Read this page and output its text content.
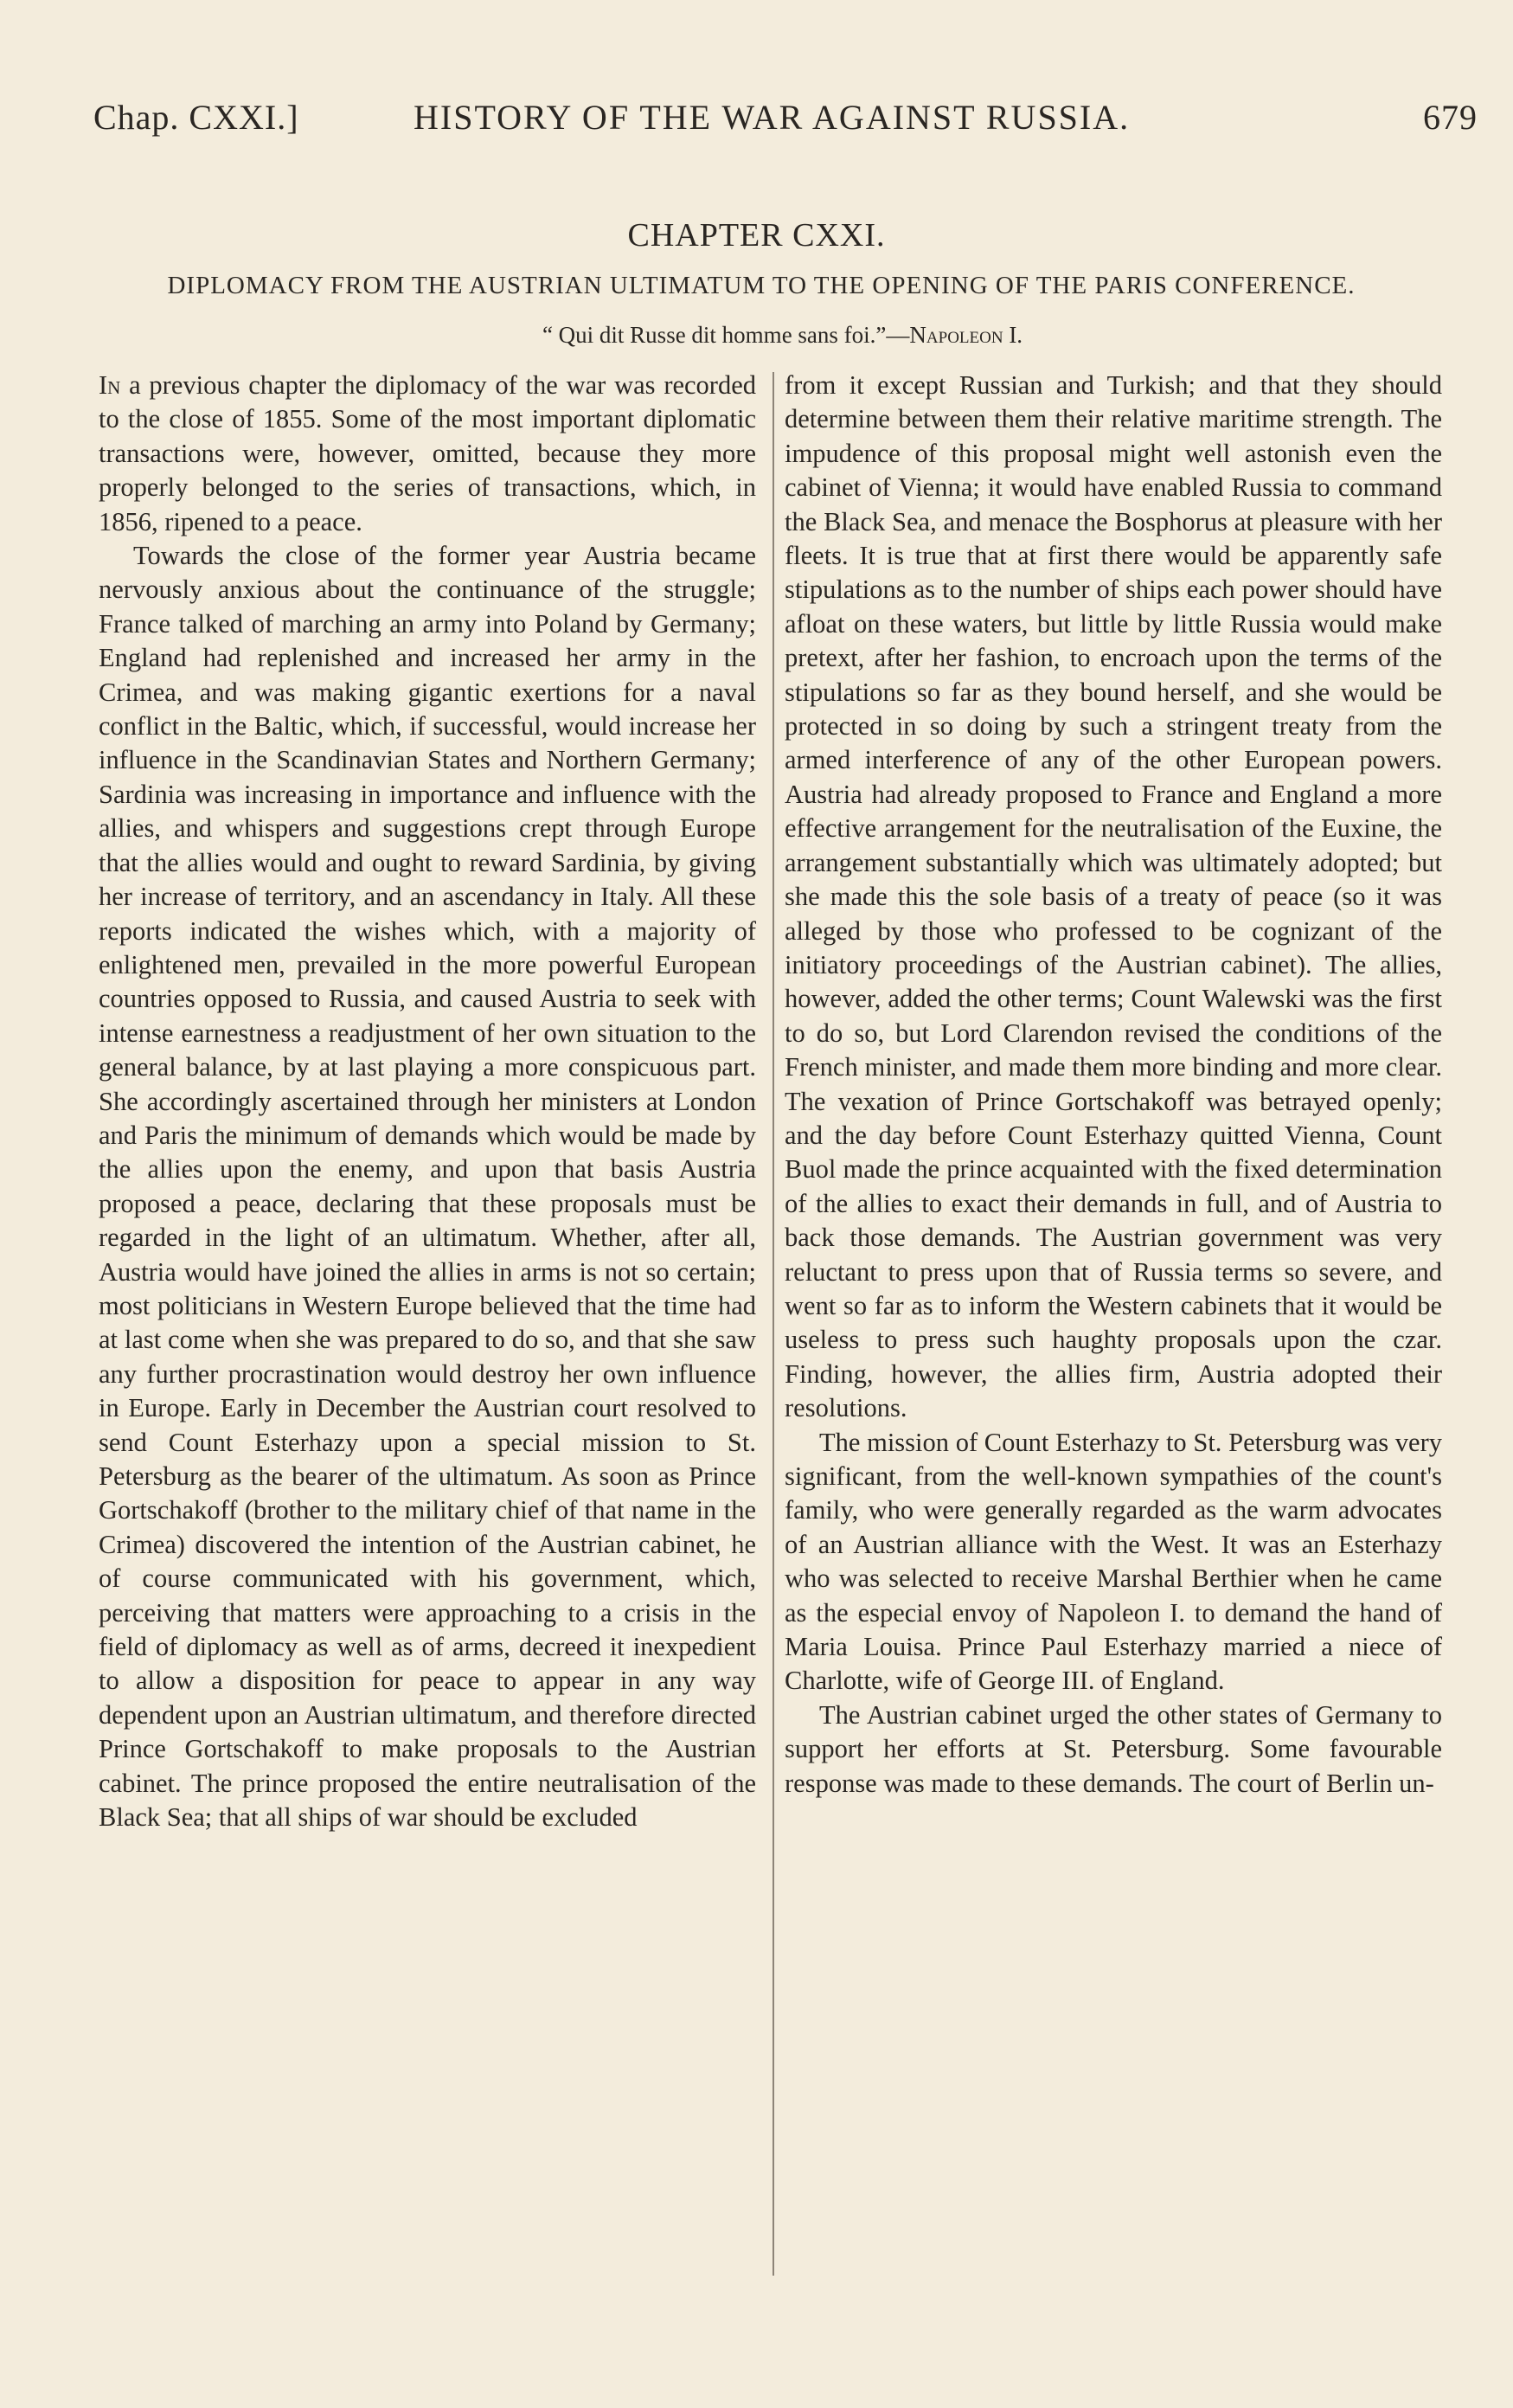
Chap. CXXI.]	HISTORY OF THE WAR AGAINST RUSSIA.	679
CHAPTER CXXI.
DIPLOMACY FROM THE AUSTRIAN ULTIMATUM TO THE OPENING OF THE PARIS CONFERENCE.
“ Qui dit Russe dit homme sans foi.”—Napoleon I.

In a previous chapter the diplomacy of the war was recorded to the close of 1855. Some of the most important diplomatic transactions were, however, omitted, because they more properly belonged to the series of transactions, which, in 1856, ripened to a peace.

Towards the close of the former year Austria became nervously anxious about the continuance of the struggle; France talked of marching an army into Poland by Germany; England had replenished and increased her army in the Crimea, and was making gigantic exertions for a naval conflict in the Baltic, which, if successful, would increase her influence in the Scandinavian States and Northern Germany; Sardinia was increasing in importance and influence with the allies, and whispers and suggestions crept through Europe that the allies would and ought to reward Sardinia, by giving her increase of territory, and an ascendancy in Italy. All these reports indicated the wishes which, with a majority of enlightened men, prevailed in the more powerful European countries opposed to Russia, and caused Austria to seek with intense earnestness a readjustment of her own situation to the general balance, by at last playing a more conspicuous part. She accordingly ascertained through her ministers at London and Paris the minimum of demands which would be made by the allies upon the enemy, and upon that basis Austria proposed a peace, declaring that these proposals must be regarded in the light of an ultimatum. Whether, after all, Austria would have joined the allies in arms is not so certain; most politicians in Western Europe believed that the time had at last come when she was prepared to do so, and that she saw any further procrastination would destroy her own influence in Europe. Early in December the Austrian court resolved to send Count Esterhazy upon a special mission to St. Petersburg as the bearer of the ultimatum. As soon as Prince Gortschakoff (brother to the military chief of that name in the Crimea) discovered the intention of the Austrian cabinet, he of course communicated with his government, which, perceiving that matters were approaching to a crisis in the field of diplomacy as well as of arms, decreed it inexpedient to allow a disposition for peace to appear in any way dependent upon an Austrian ultimatum, and therefore directed Prince Gortschakoff to make proposals to the Austrian cabinet. The prince proposed the entire neutralisation of the Black Sea; that all ships of war should be excluded

from it except Russian and Turkish; and that they should determine between them their relative maritime strength. The impudence of this proposal might well astonish even the cabinet of Vienna; it would have enabled Russia to command the Black Sea, and menace the Bosphorus at pleasure with her fleets. It is true that at first there would be apparently safe stipulations as to the number of ships each power should have afloat on these waters, but little by little Russia would make pretext, after her fashion, to encroach upon the terms of the stipulations so far as they bound herself, and she would be protected in so doing by such a stringent treaty from the armed interference of any of the other European powers. Austria had already proposed to France and England a more effective arrangement for the neutralisation of the Euxine, the arrangement substantially which was ultimately adopted; but she made this the sole basis of a treaty of peace (so it was alleged by those who professed to be cognizant of the initiatory proceedings of the Austrian cabinet). The allies, however, added the other terms; Count Walewski was the first to do so, but Lord Clarendon revised the conditions of the French minister, and made them more binding and more clear. The vexation of Prince Gortschakoff was betrayed openly; and the day before Count Esterhazy quitted Vienna, Count Buol made the prince acquainted with the fixed determination of the allies to exact their demands in full, and of Austria to back those demands. The Austrian government was very reluctant to press upon that of Russia terms so severe, and went so far as to inform the Western cabinets that it would be useless to press such haughty proposals upon the czar. Finding, however, the allies firm, Austria adopted their resolutions.

The mission of Count Esterhazy to St. Petersburg was very significant, from the well-known sympathies of the count's family, who were generally regarded as the warm advocates of an Austrian alliance with the West. It was an Esterhazy who was selected to receive Marshal Berthier when he came as the especial envoy of Napoleon I. to demand the hand of Maria Louisa. Prince Paul Esterhazy married a niece of Charlotte, wife of George III. of England.

The Austrian cabinet urged the other states of Germany to support her efforts at St. Petersburg. Some favourable response was made to these demands. The court of Berlin un-
